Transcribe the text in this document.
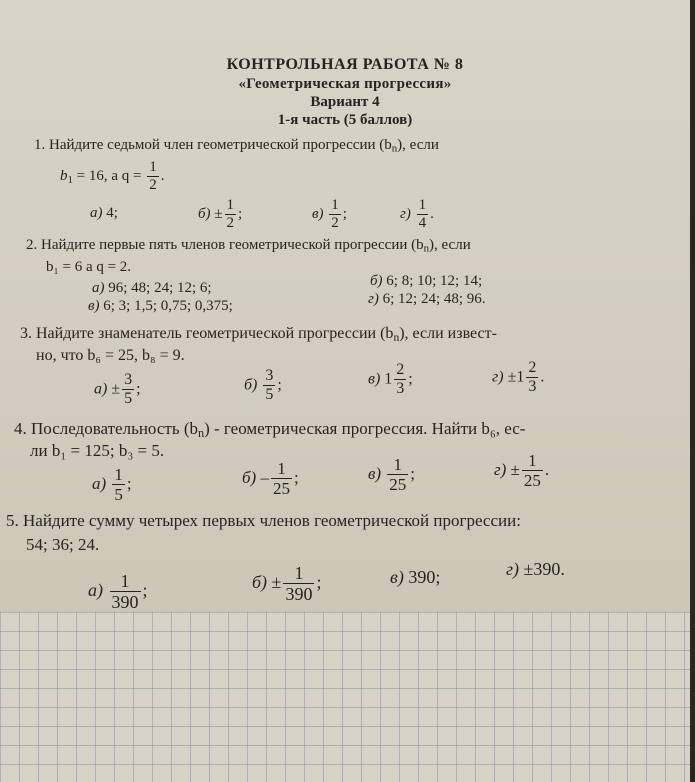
КОНТРОЛЬНАЯ РАБОТА № 8
«Геометрическая прогрессия»
Вариант 4
1-я часть (5 баллов)
1. Найдите седьмой член геометрической прогрессии $(b_n)$, если
$b_1 = 16$, а $q = \frac{1}{2}$ .
а) 4;	$б) \pm \frac{1}{2}$ ;	$в) \frac{1}{2}$ ;	$г) \frac{1}{4}$ .
2. Найдите первые пять членов геометрической прогрессии $(b_n)$, если
b₁ = 6 а q = 2.
а) 96; 48; 24; 12; 6;	б) 6; 8; 10; 12; 14;
в) 6; 3; 1,5; 0,75; 0,375;	г) 6; 12; 24; 48; 96.
3. Найдите знаменатель геометрической прогрессии $(b_n)$, если извест-
но, что b₆ = 25, b₈ = 9.
$а) \pm \frac{3}{5}$ ;	$б) \frac{3}{5}$ ;	в) $1 \frac{2}{3}$ ;	$г) \pm 1 \frac{2}{3}$ .
4. Последовательность $(b_n)$ - геометрическая прогрессия. Найти b₆, ес-
ли b₁ = 125; b₃ = 5.
$а) \frac{1}{5}$ ;	$б) - \frac{1}{25}$ ;	$в) \frac{1}{25}$ ;	$г) \pm \frac{1}{25}$ .
5. Найдите сумму четырех первых членов геометрической прогрессии:
54; 36; 24.
$а) \frac{1}{390}$ ;	$б) \pm \frac{1}{390}$ ;	в) 390;	г) ±390.
